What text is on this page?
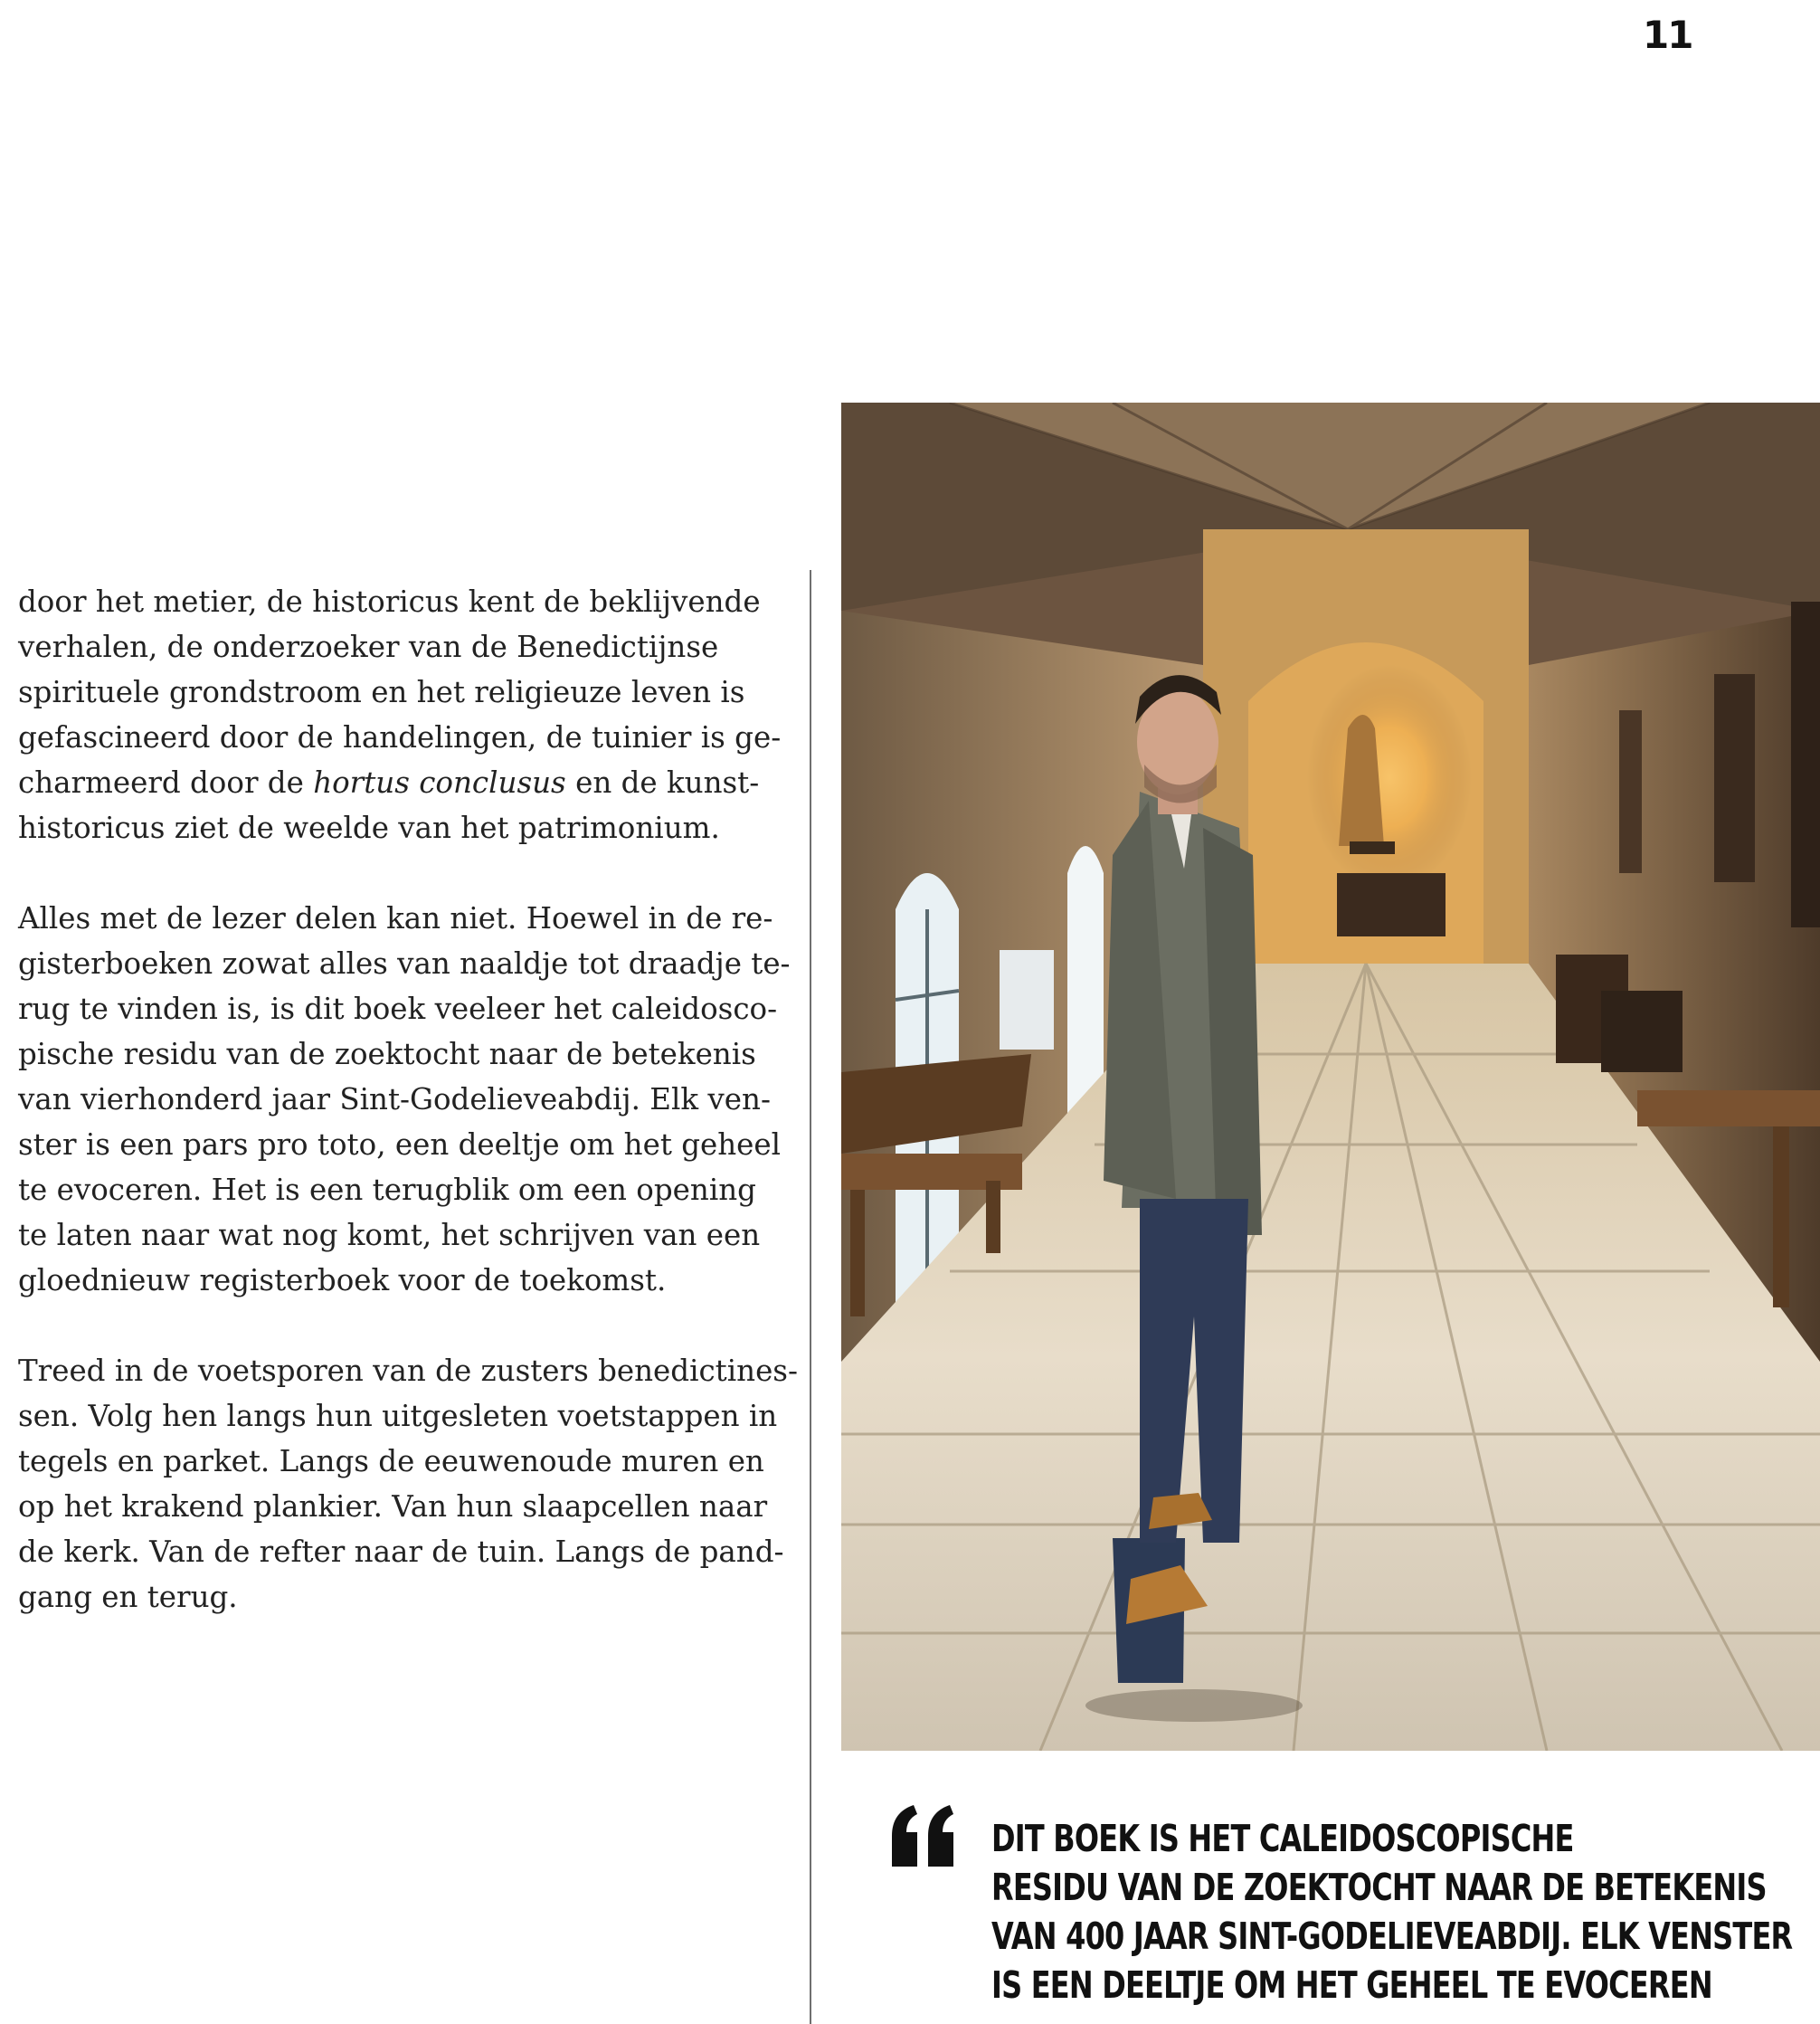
11

door het metier, de historicus kent de beklijvende
verhalen, de onderzoeker van de Benedictijnse
spirituele grondstroom en het religieuze leven is
gefascineerd door de handelingen, de tuinier is ge-
charmeerd door de hortus conclusus en de kunst-
historicus ziet de weelde van het patrimonium.

Alles met de lezer delen kan niet. Hoewel in de re-
gisterboeken zowat alles van naaldje tot draadje te-
rug te vinden is, is dit boek veeleer het caleidosco-
pische residu van de zoektocht naar de betekenis
van vierhonderd jaar Sint-Godelieveabdij. Elk ven-
ster is een pars pro toto, een deeltje om het geheel
te evoceren. Het is een terugblik om een opening
te laten naar wat nog komt, het schrijven van een
gloednieuw registerboek voor de toekomst.

Treed in de voetsporen van de zusters benedictines-
sen. Volg hen langs hun uitgesleten voetstappen in
tegels en parket. Langs de eeuwenoude muren en
op het krakend plankier. Van hun slaapcellen naar
de kerk. Van de refter naar de tuin. Langs de pand-
gang en terug.

DIT BOEK IS HET CALEIDOSCOPISCHE
RESIDU VAN DE ZOEKTOCHT NAAR DE BETEKENIS
VAN 400 JAAR SINT-GODELIEVEABDIJ. ELK VENSTER
IS EEN DEELTJE OM HET GEHEEL TE EVOCEREN
